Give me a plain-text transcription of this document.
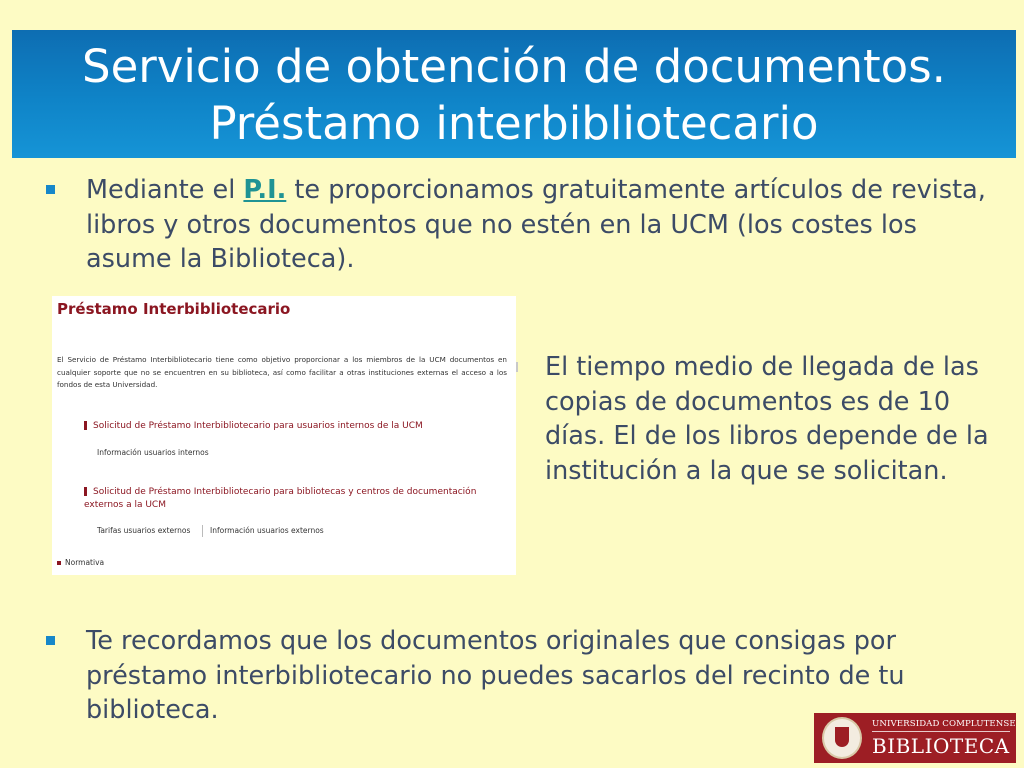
Servicio de obtención de documentos.
Préstamo interbibliotecario
Mediante el P.I. te proporcionamos gratuitamente artículos de revista, libros y otros documentos que no estén en la UCM (los costes los asume la Biblioteca).
Préstamo Interbibliotecario
El Servicio de Préstamo Interbibliotecario tiene como objetivo proporcionar a los miembros de la UCM documentos en cualquier soporte que no se encuentren en su biblioteca, así como facilitar a otras instituciones externas el acceso a los fondos de esta Universidad.
Solicitud de Préstamo Interbibliotecario para usuarios internos de la UCM
Información usuarios internos
Solicitud de Préstamo Interbibliotecario para bibliotecas y centros de documentación externos a la UCM
Tarifas usuarios externos	Información usuarios externos
Normativa
El tiempo medio de llegada de las copias de documentos es de 10 días. El de los libros depende de la institución a la que se solicitan.
Te recordamos que los documentos originales que consigas por préstamo interbibliotecario no puedes sacarlos del recinto de tu biblioteca.	UNIVERSIDAD COMPLUTENSE
BIBLIOTECA
